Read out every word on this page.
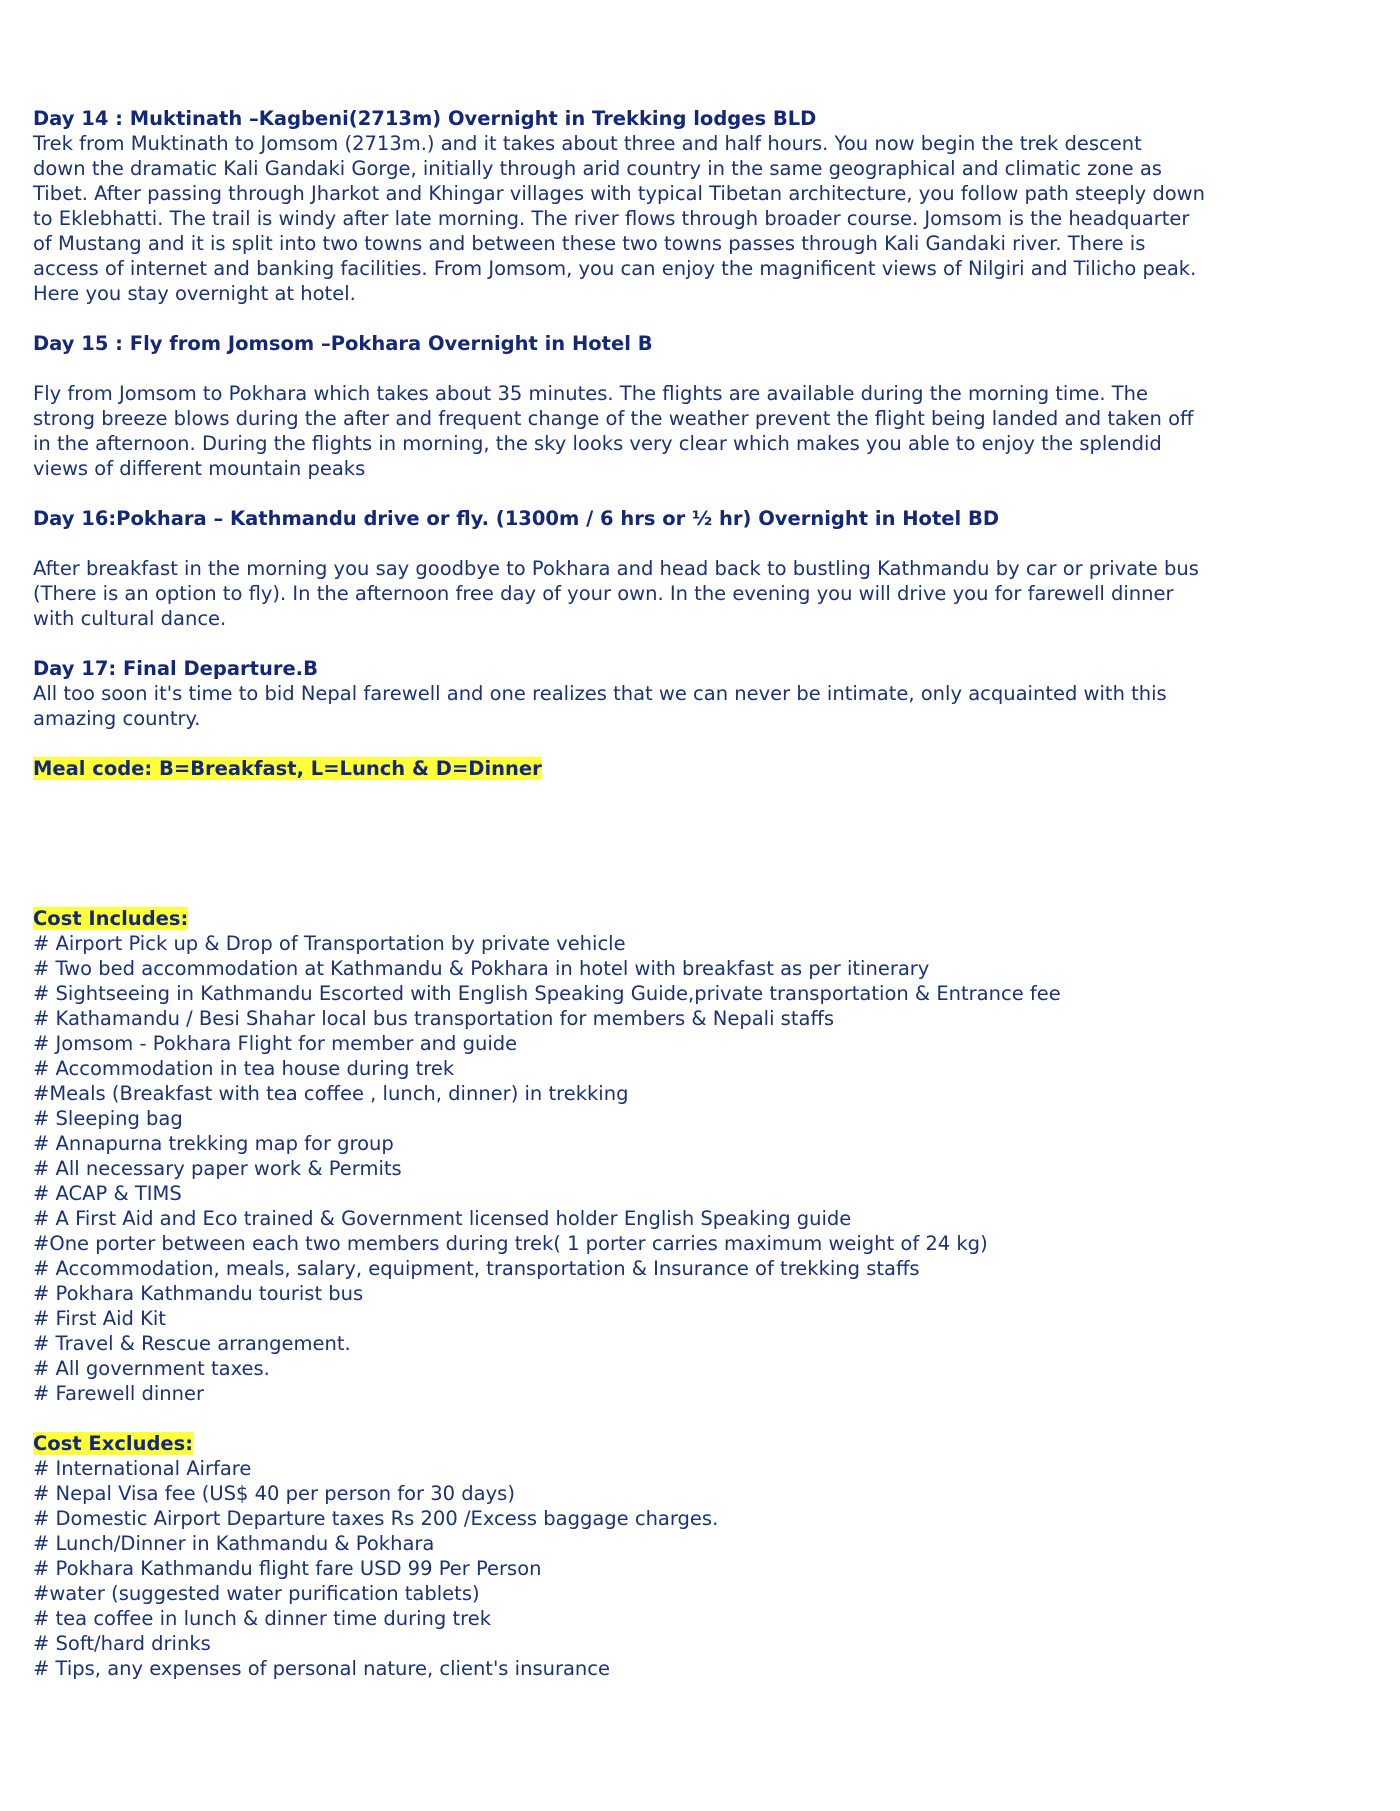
Day 14 : Muktinath –Kagbeni(2713m) Overnight in Trekking lodges BLD

Trek from Muktinath to Jomsom (2713m.) and it takes about three and half hours. You now begin the trek descent

down the dramatic Kali Gandaki Gorge, initially through arid country in the same geographical and climatic zone as

Tibet. After passing through Jharkot and Khingar villages with typical Tibetan architecture, you follow path steeply down

to Eklebhatti. The trail is windy after late morning. The river flows through broader course. Jomsom is the headquarter

of Mustang and it is split into two towns and between these two towns passes through Kali Gandaki river. There is

access of internet and banking facilities. From Jomsom, you can enjoy the magnificent views of Nilgiri and Tilicho peak.

Here you stay overnight at hotel.

Day 15 : Fly from Jomsom –Pokhara Overnight in Hotel B

Fly from Jomsom to Pokhara which takes about 35 minutes. The flights are available during the morning time. The

strong breeze blows during the after and frequent change of the weather prevent the flight being landed and taken off

in the afternoon. During the flights in morning, the sky looks very clear which makes you able to enjoy the splendid

views of different mountain peaks

Day 16:Pokhara – Kathmandu drive or fly. (1300m / 6 hrs or ½ hr) Overnight in Hotel BD

After breakfast in the morning you say goodbye to Pokhara and head back to bustling Kathmandu by car or private bus

(There is an option to fly). In the afternoon free day of your own. In the evening you will drive you for farewell dinner

with cultural dance.

Day 17: Final Departure.B

All too soon it's time to bid Nepal farewell and one realizes that we can never be intimate, only acquainted with this

amazing country.

Meal code: B=Breakfast, L=Lunch & D=Dinner

Cost Includes:

# Airport Pick up & Drop of Transportation by private vehicle
# Two bed accommodation at Kathmandu & Pokhara in hotel with breakfast as per itinerary
# Sightseeing in Kathmandu Escorted with English Speaking Guide,private transportation & Entrance fee
# Kathamandu / Besi Shahar local bus transportation for members & Nepali staffs
# Jomsom - Pokhara Flight for member and guide
# Accommodation in tea house during trek
#Meals (Breakfast with tea coffee , lunch, dinner) in trekking
# Sleeping bag
# Annapurna trekking map for group
# All necessary paper work & Permits
# ACAP & TIMS
# A First Aid and Eco trained & Government licensed holder English Speaking guide
#One porter between each two members during trek( 1 porter carries maximum weight of 24 kg)
# Accommodation, meals, salary, equipment, transportation & Insurance of trekking staffs
# Pokhara Kathmandu tourist bus
# First Aid Kit
# Travel & Rescue arrangement.
# All government taxes.
# Farewell dinner

Cost Excludes:

# International Airfare
# Nepal Visa fee (US$ 40 per person for 30 days)
# Domestic Airport Departure taxes Rs 200 /Excess baggage charges.
# Lunch/Dinner in Kathmandu & Pokhara
# Pokhara Kathmandu flight fare USD 99 Per Person
#water (suggested water purification tablets)
# tea coffee in lunch & dinner time during trek
# Soft/hard drinks
# Tips, any expenses of personal nature, client's insurance
